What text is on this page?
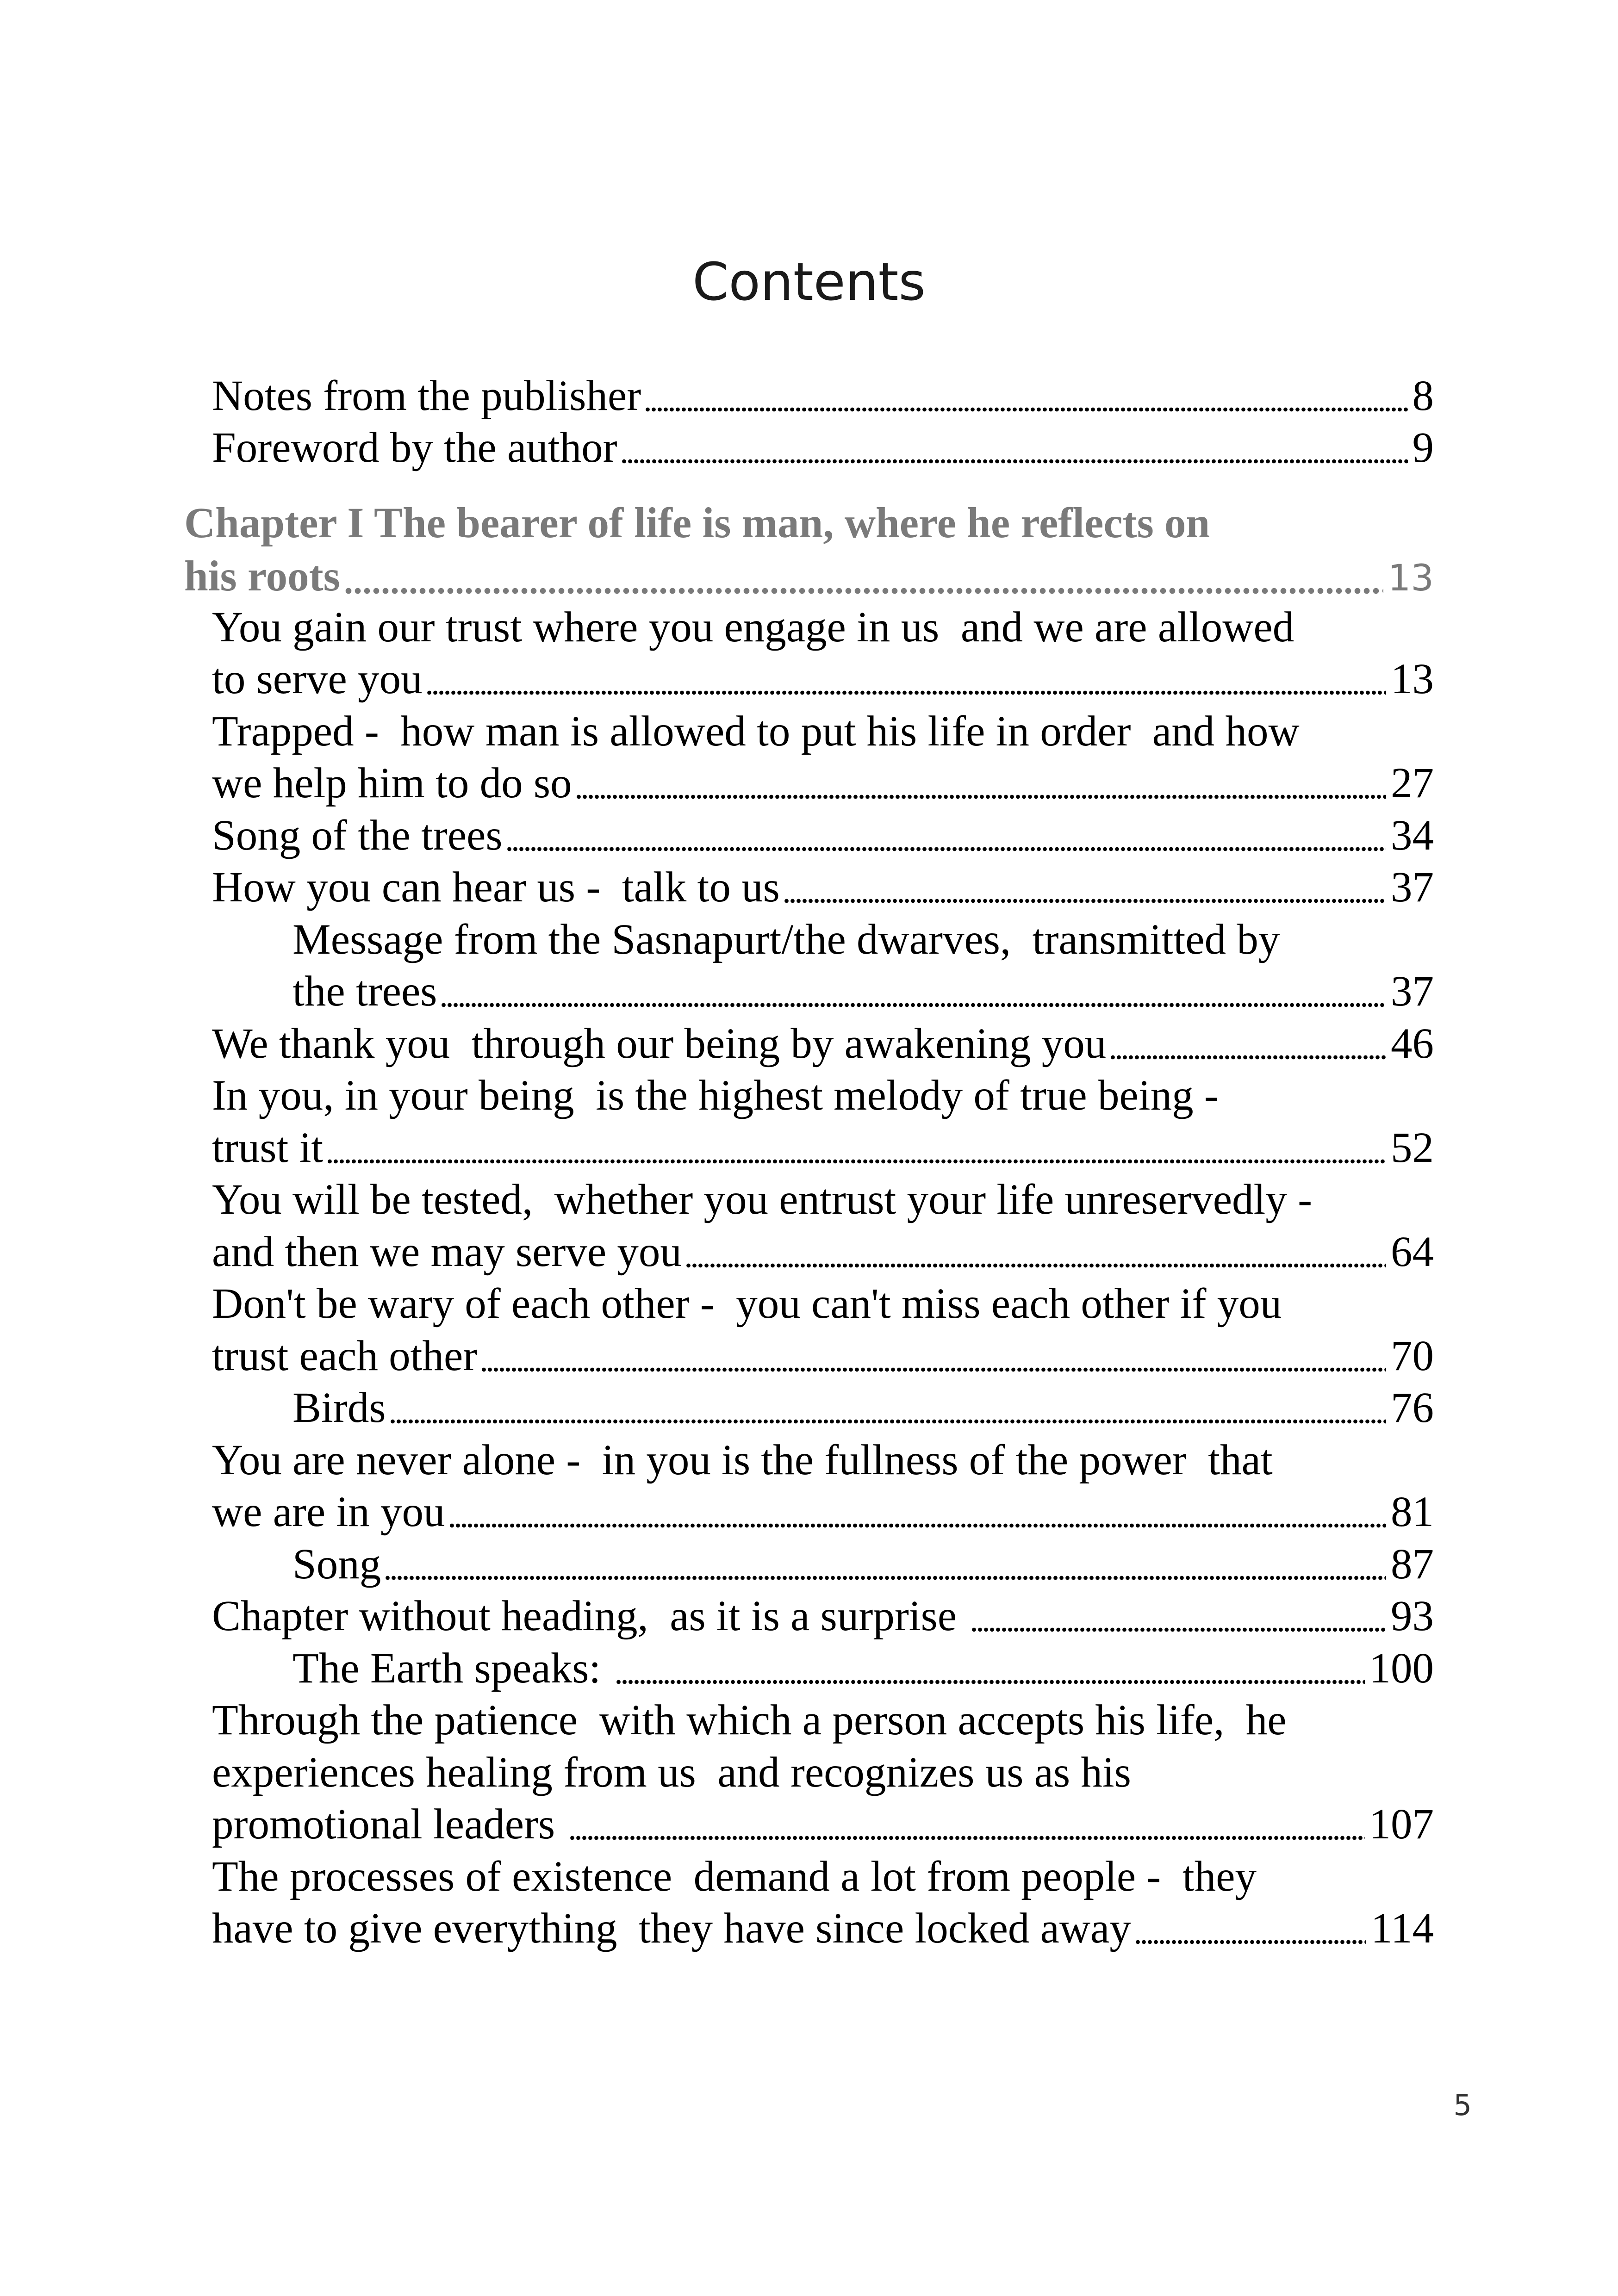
Contents
Notes from the publisher	8
Foreword by the author	9
Chapter I The bearer of life is man, where he reflects on
his roots	13
You gain our trust where you engage in us  and we are allowed
to serve you	13
Trapped -  how man is allowed to put his life in order  and how
we help him to do so	27
Song of the trees	34
How you can hear us -  talk to us	37
Message from the Sasnapurt/the dwarves,  transmitted by
the trees	37
We thank you  through our being by awakening you	46
In you, in your being  is the highest melody of true being -
trust it	52
You will be tested,  whether you entrust your life unreservedly -
and then we may serve you	64
Don't be wary of each other -  you can't miss each other if you
trust each other	70
Birds	76
You are never alone -  in you is the fullness of the power  that
we are in you	81
Song	87
Chapter without heading,  as it is a surprise	93
The Earth speaks:	100
Through the patience  with which a person accepts his life,  he
experiences healing from us  and recognizes us as his
promotional leaders	107
The processes of existence  demand a lot from people -  they
have to give everything  they have since locked away	114
5
